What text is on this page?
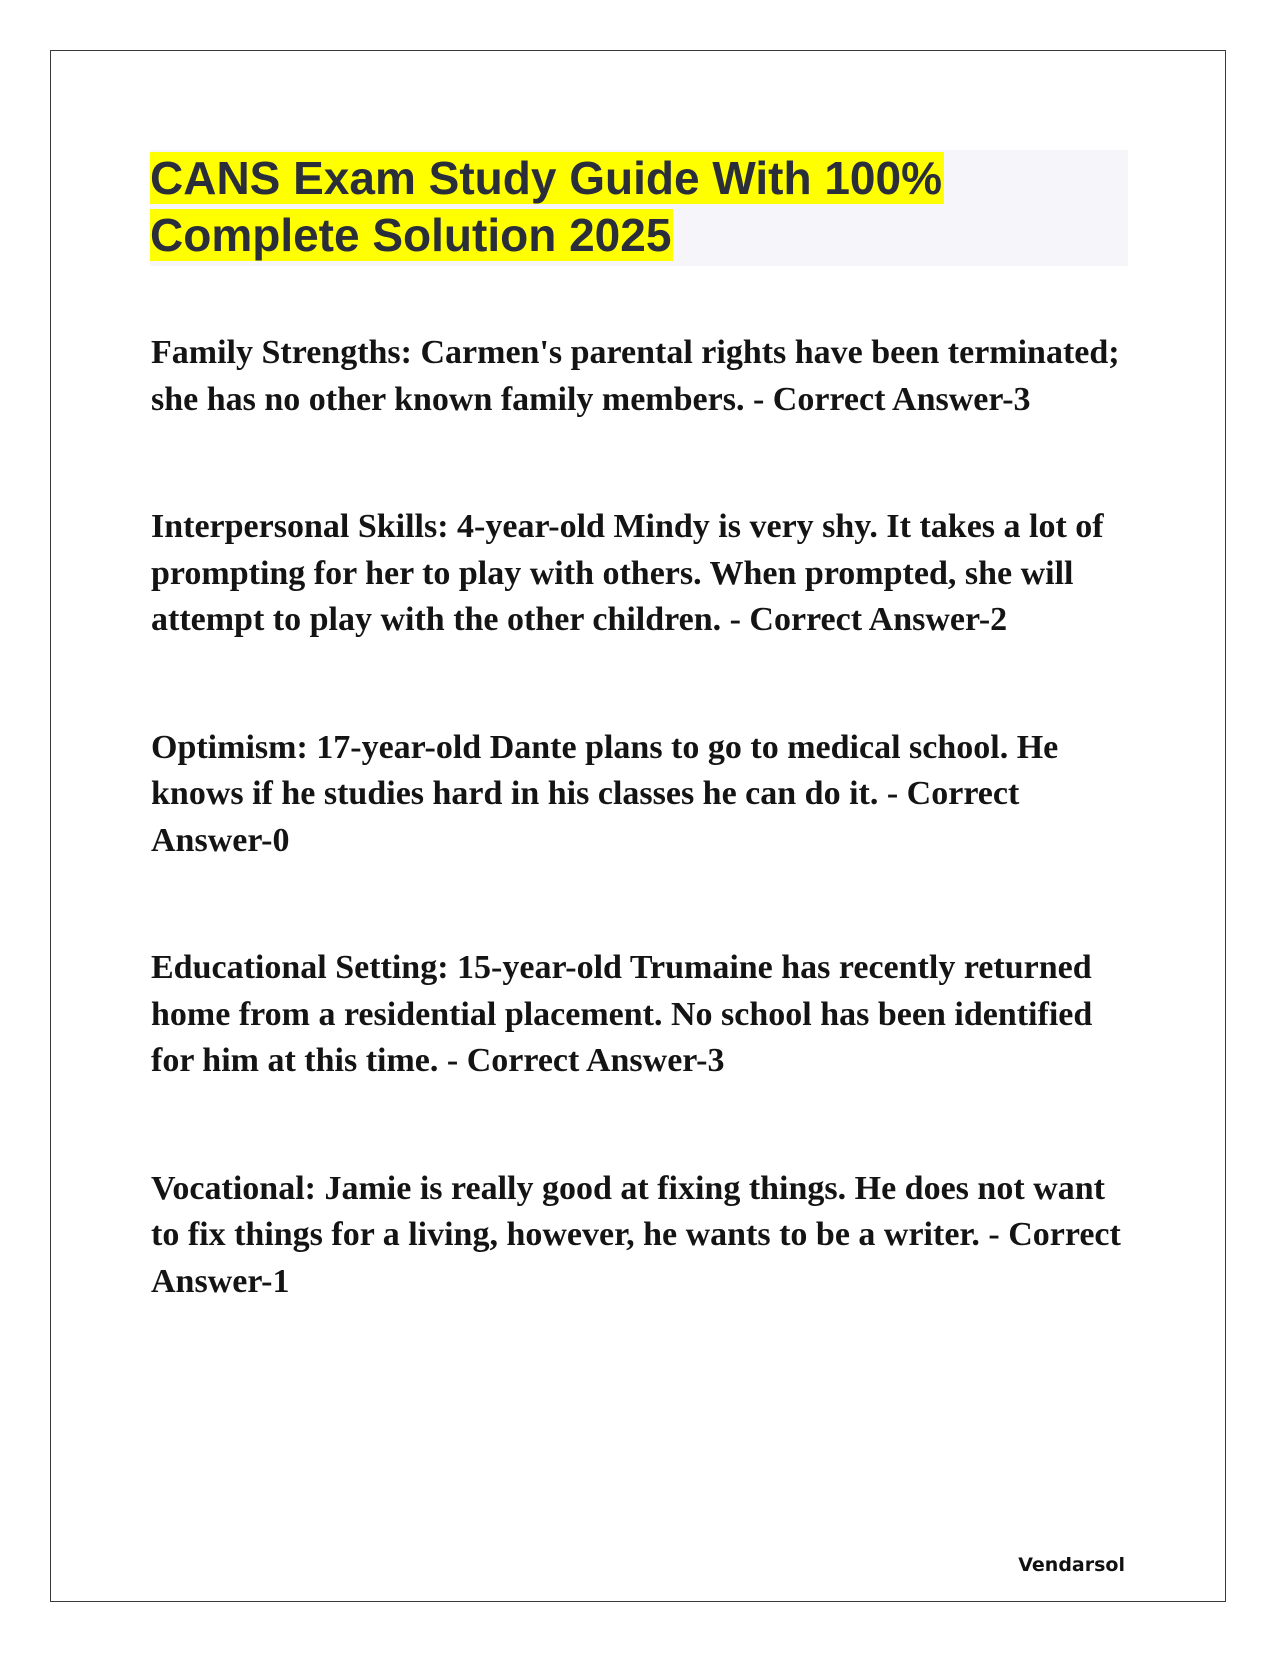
CANS Exam Study Guide With 100%
Complete Solution 2025

Family Strengths: Carmen's parental rights have been terminated; she has no other known family members. - Correct Answer-3

Interpersonal Skills: 4-year-old Mindy is very shy. It takes a lot of prompting for her to play with others. When prompted, she will attempt to play with the other children. - Correct Answer-2

Optimism: 17-year-old Dante plans to go to medical school. He knows if he studies hard in his classes he can do it. - Correct Answer-0

Educational Setting: 15-year-old Trumaine has recently returned home from a residential placement. No school has been identified for him at this time. - Correct Answer-3

Vocational: Jamie is really good at fixing things. He does not want to fix things for a living, however, he wants to be a writer. - Correct Answer-1

Vendarsol
